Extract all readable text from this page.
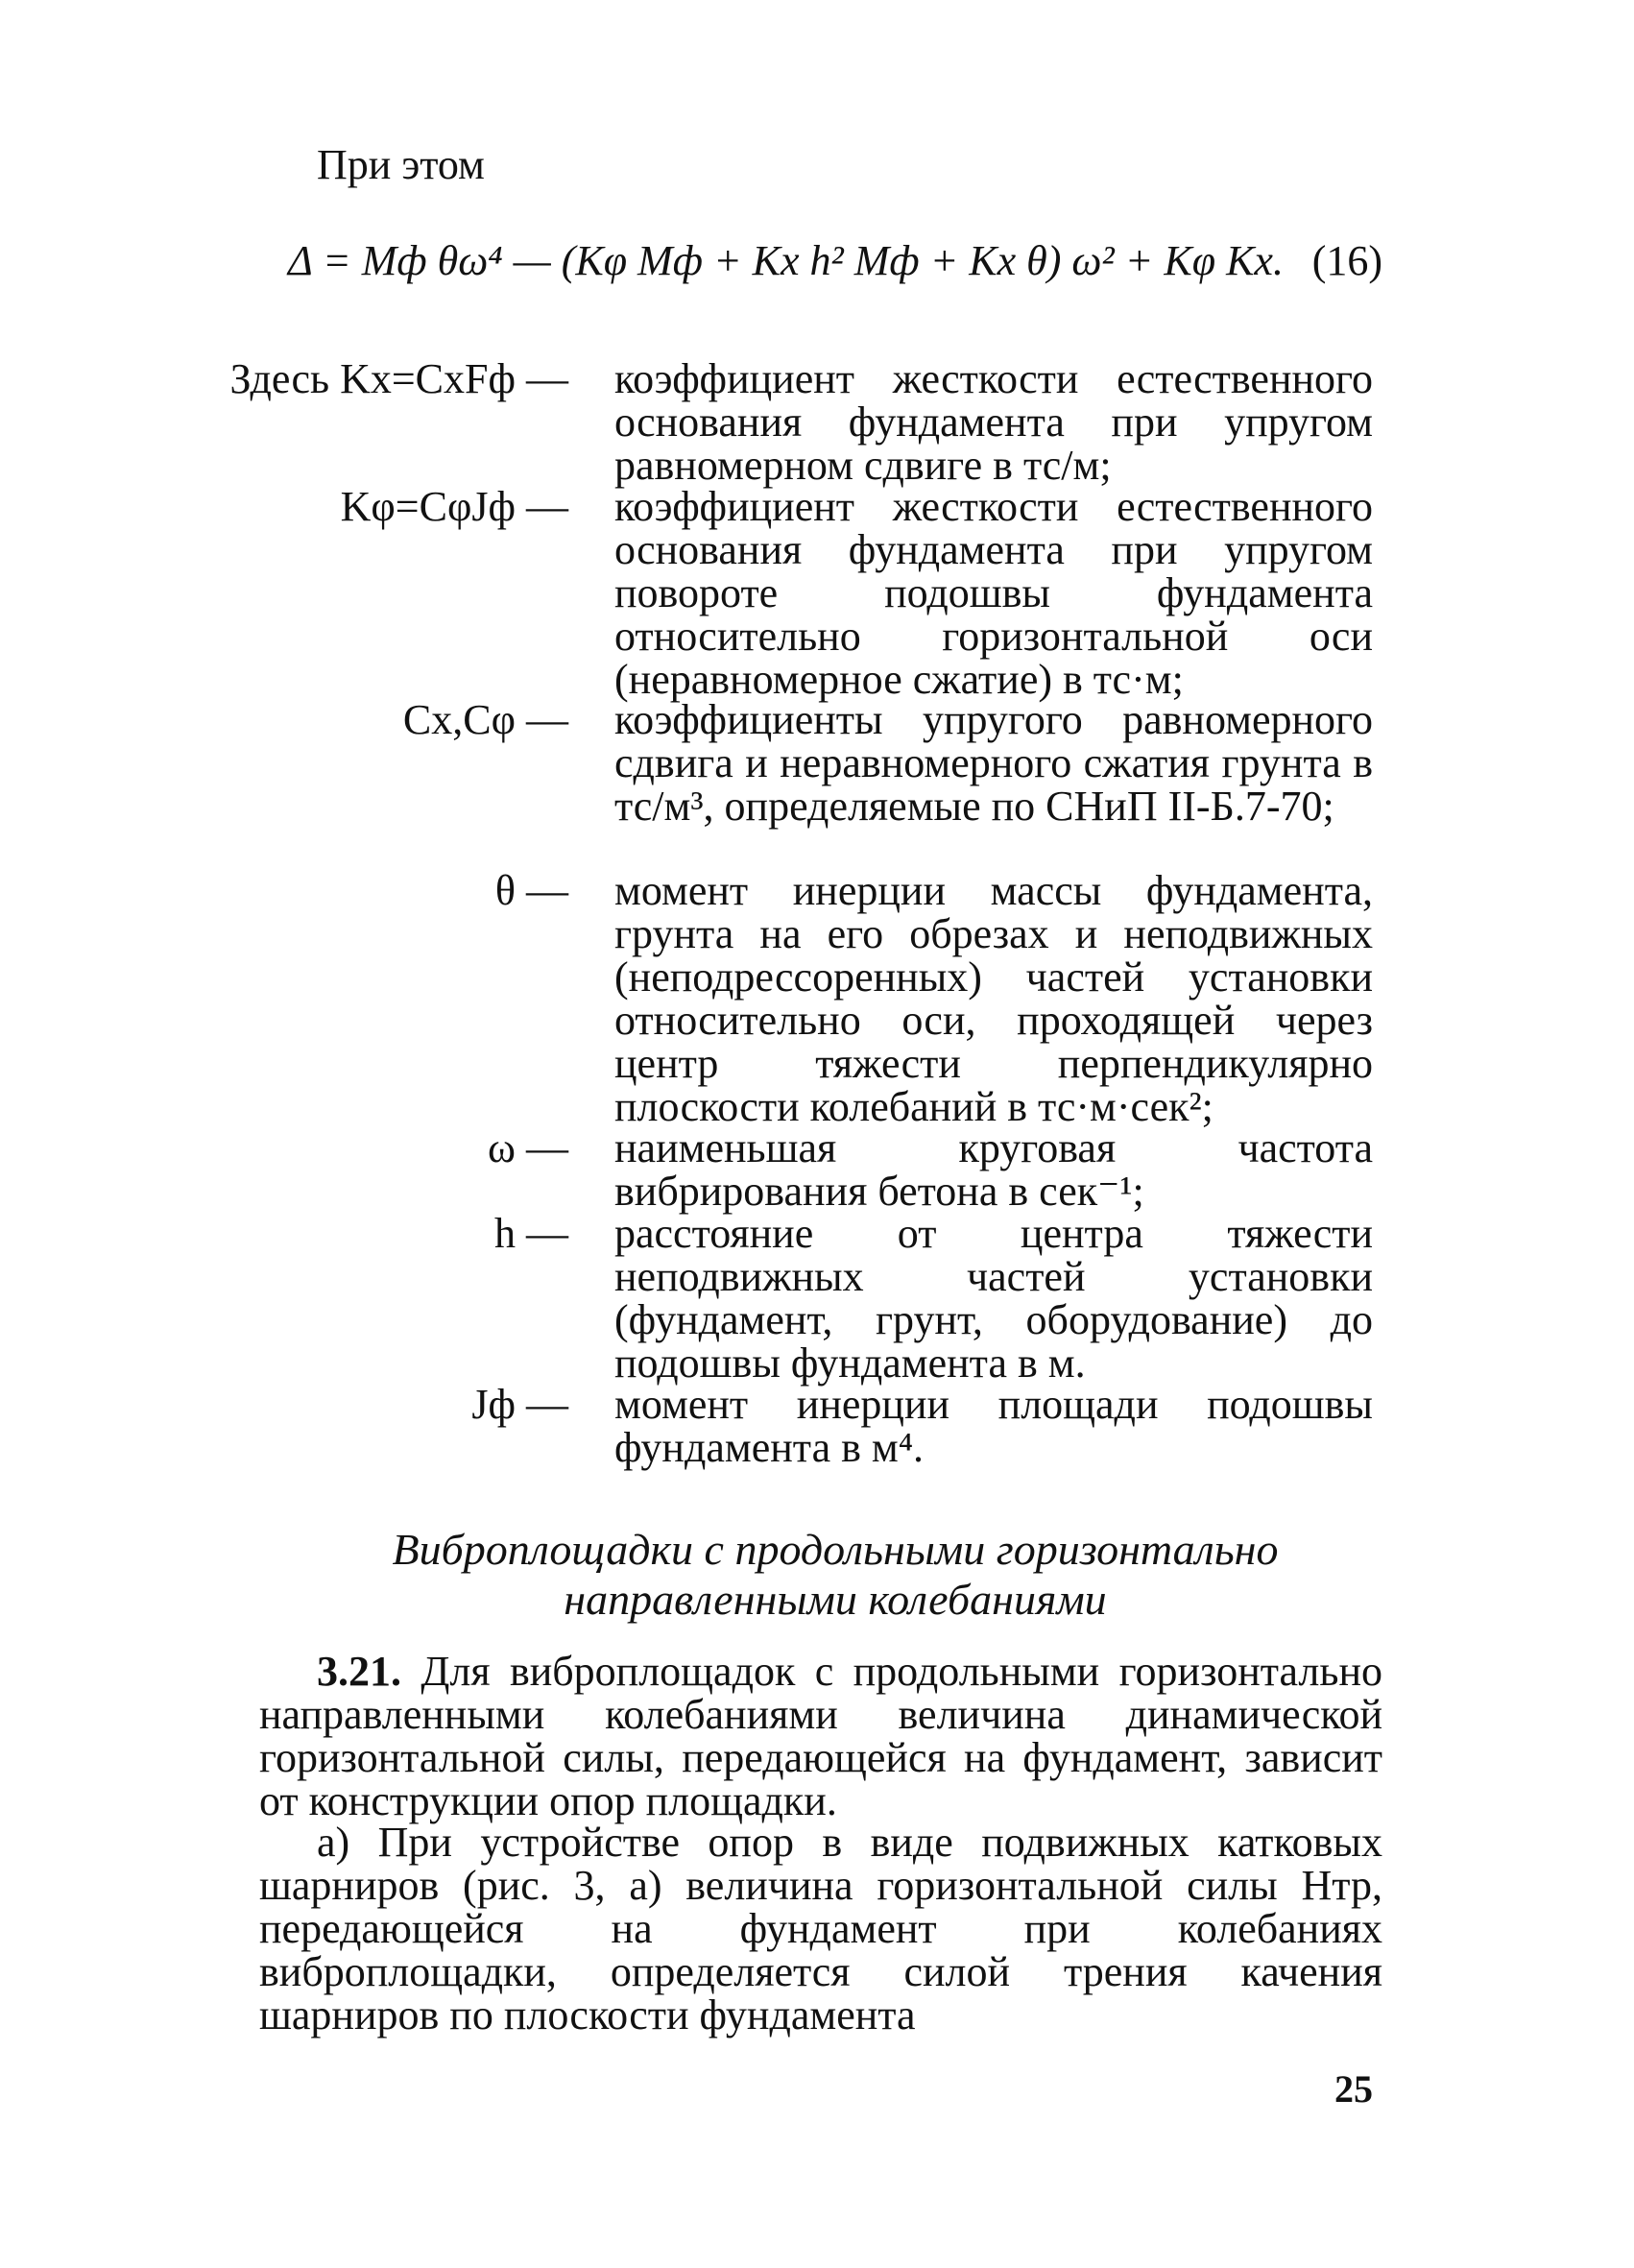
При этом
Δ = Mф θω⁴ — (Kφ Mф + Kx h² Mф + Kx θ) ω² + Kφ Kx. (16)
Здесь Kx=CxFф — коэффициент жесткости естественного основания фундамента при упругом равномерном сдвиге в тс/м;
Kφ=CφJф — коэффициент жесткости естественного основания фундамента при упругом повороте подошвы фундамента относительно горизонтальной оси (неравномерное сжатие) в тс·м;
Cx,Cφ — коэффициенты упругого равномерного сдвига и неравномерного сжатия грунта в тс/м³, определяемые по СНиП II-Б.7-70;
θ — момент инерции массы фундамента, грунта на его обрезах и неподвижных (неподрессоренных) частей установки относительно оси, проходящей через центр тяжести перпендикулярно плоскости колебаний в тс·м·сек²;
ω — наименьшая круговая частота вибрирования бетона в сек⁻¹;
h — расстояние от центра тяжести неподвижных частей установки (фундамент, грунт, оборудование) до подошвы фундамента в м.
Jф — момент инерции площади подошвы фундамента в м⁴.
Виброплощадки с продольными горизонтально
направленными колебаниями
3.21. Для виброплощадок с продольными горизонтально направленными колебаниями величина динамической горизонтальной силы, передающейся на фундамент, зависит от конструкции опор площадки.
а) При устройстве опор в виде подвижных катковых шарниров (рис. 3, а) величина горизонтальной силы Hтр, передающейся на фундамент при колебаниях виброплощадки, определяется силой трения качения шарниров по плоскости фундамента
25
